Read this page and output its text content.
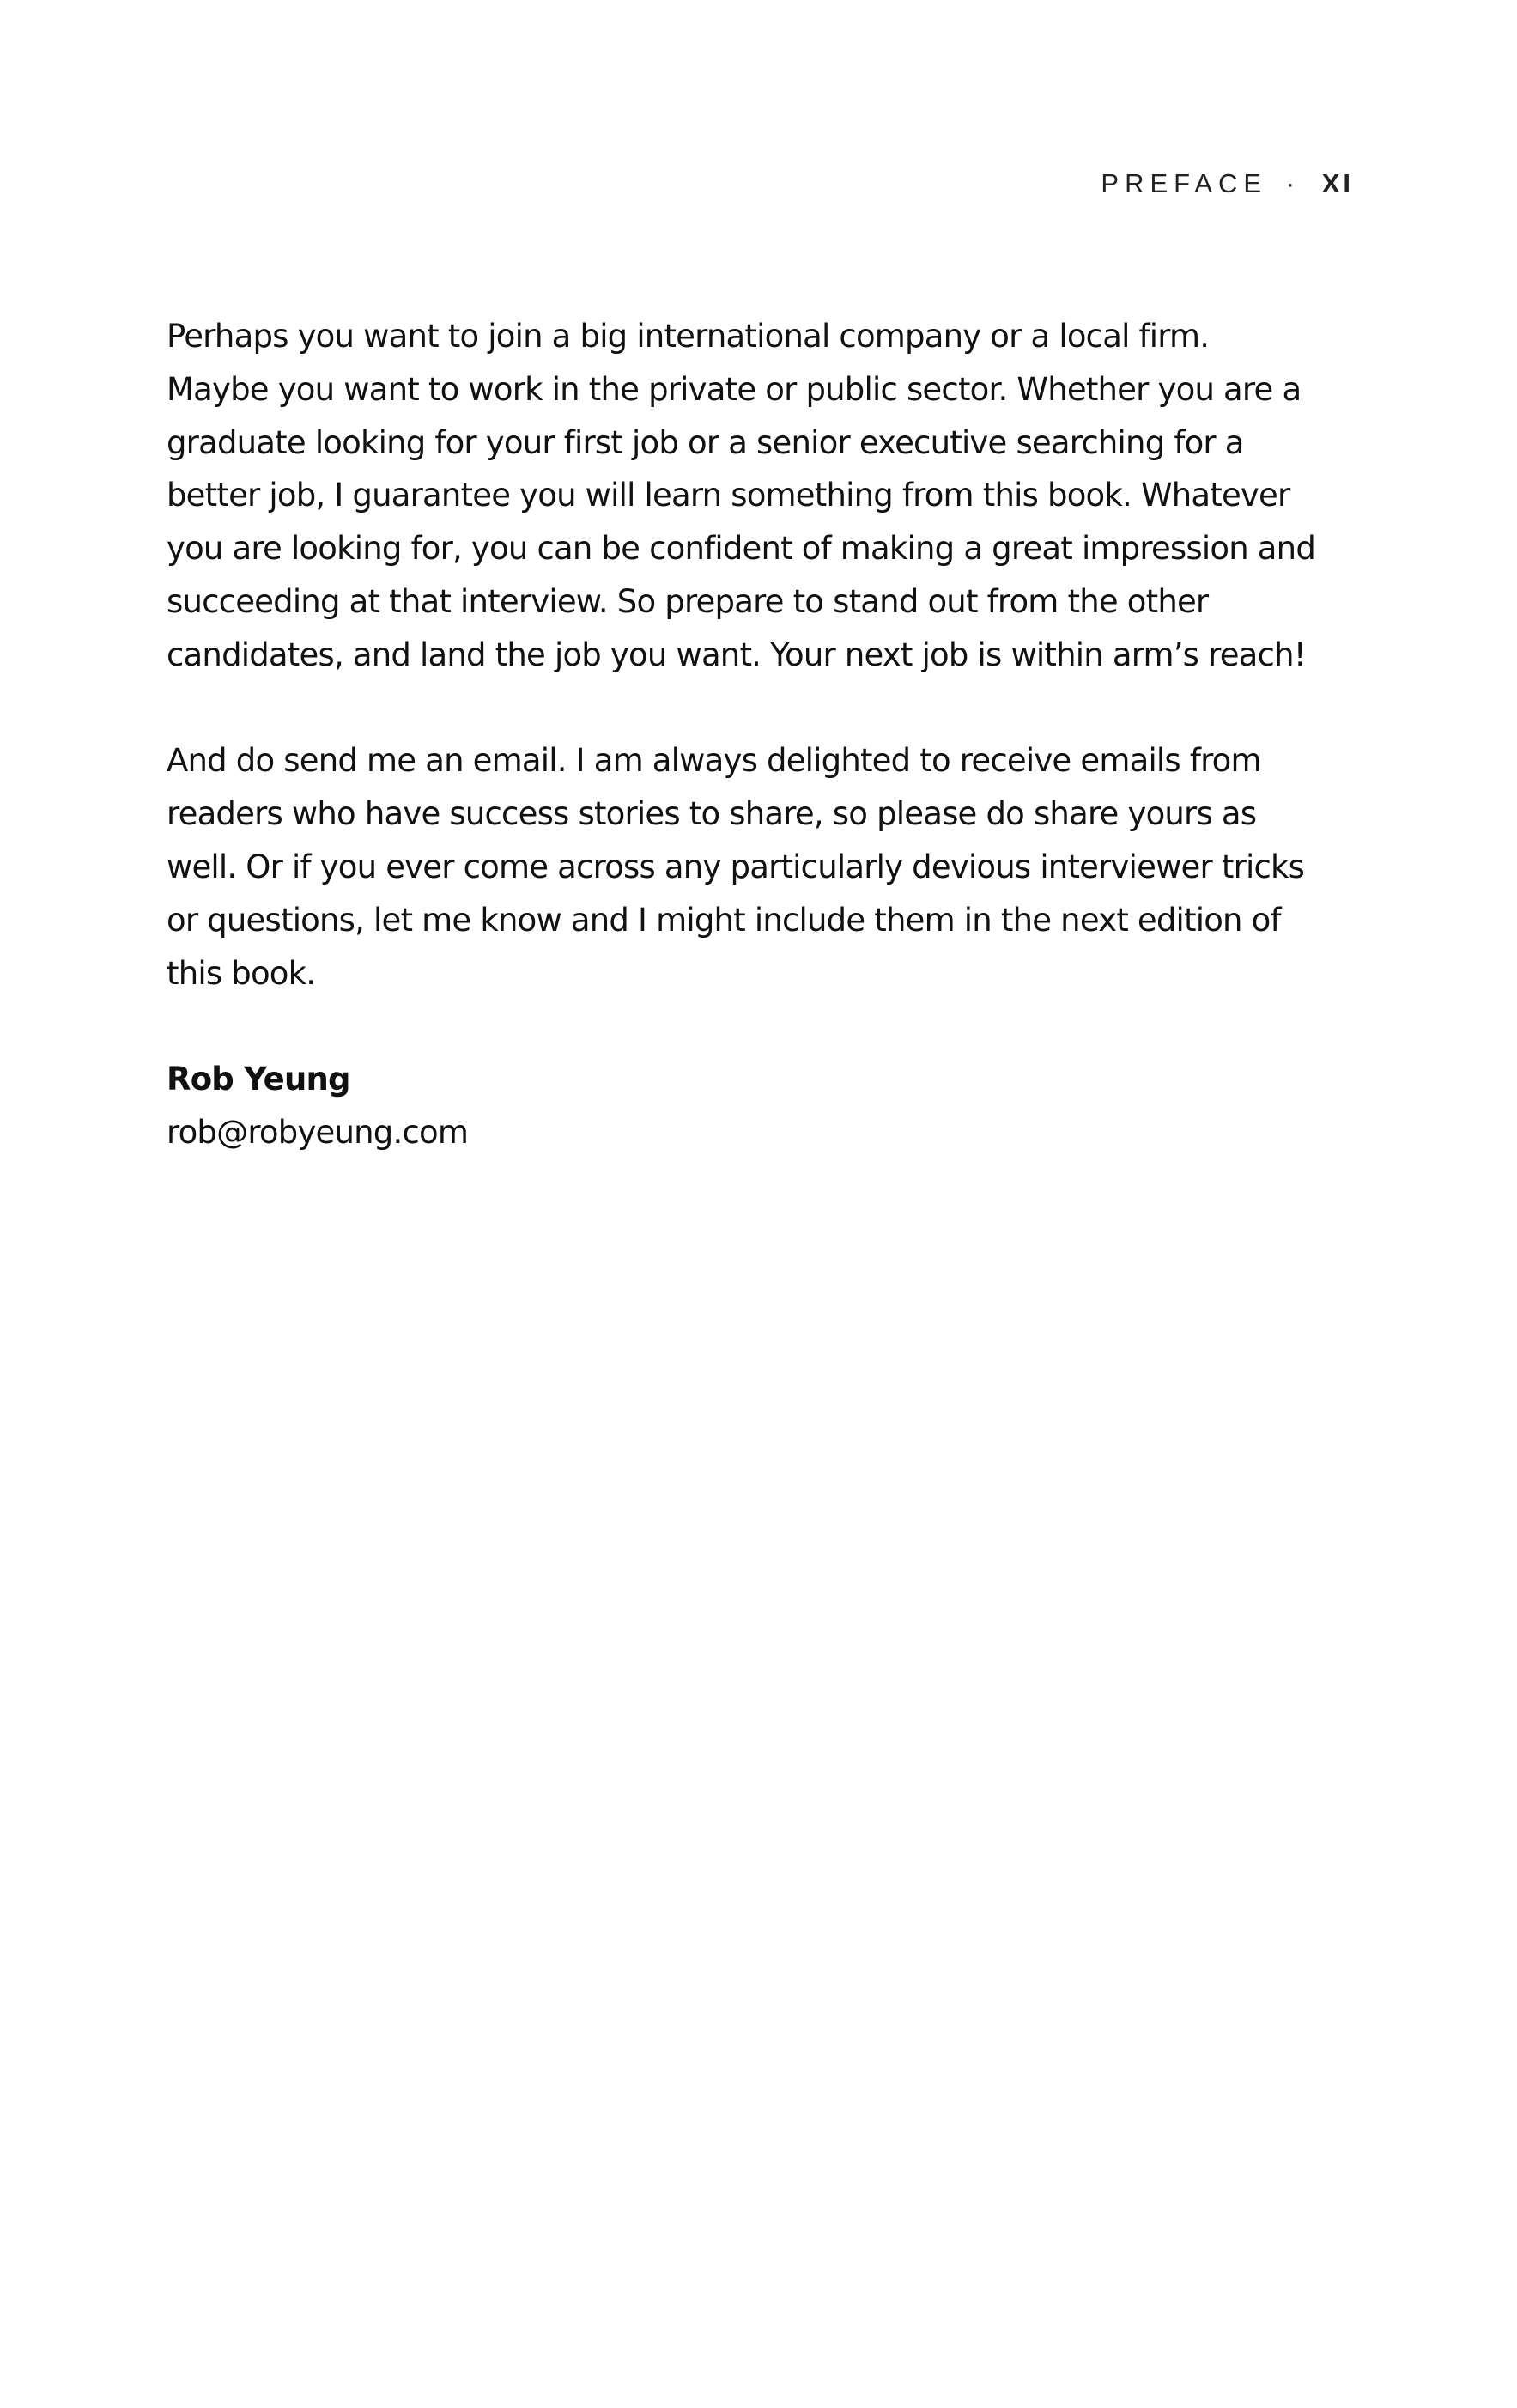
PREFACE · XI

Perhaps you want to join a big international company or a local firm.
Maybe you want to work in the private or public sector. Whether you are a
graduate looking for your first job or a senior executive searching for a
better job, I guarantee you will learn something from this book. Whatever
you are looking for, you can be confident of making a great impression and
succeeding at that interview. So prepare to stand out from the other
candidates, and land the job you want. Your next job is within arm’s reach!

And do send me an email. I am always delighted to receive emails from
readers who have success stories to share, so please do share yours as
well. Or if you ever come across any particularly devious interviewer tricks
or questions, let me know and I might include them in the next edition of
this book.

Rob Yeung
rob@robyeung.com
